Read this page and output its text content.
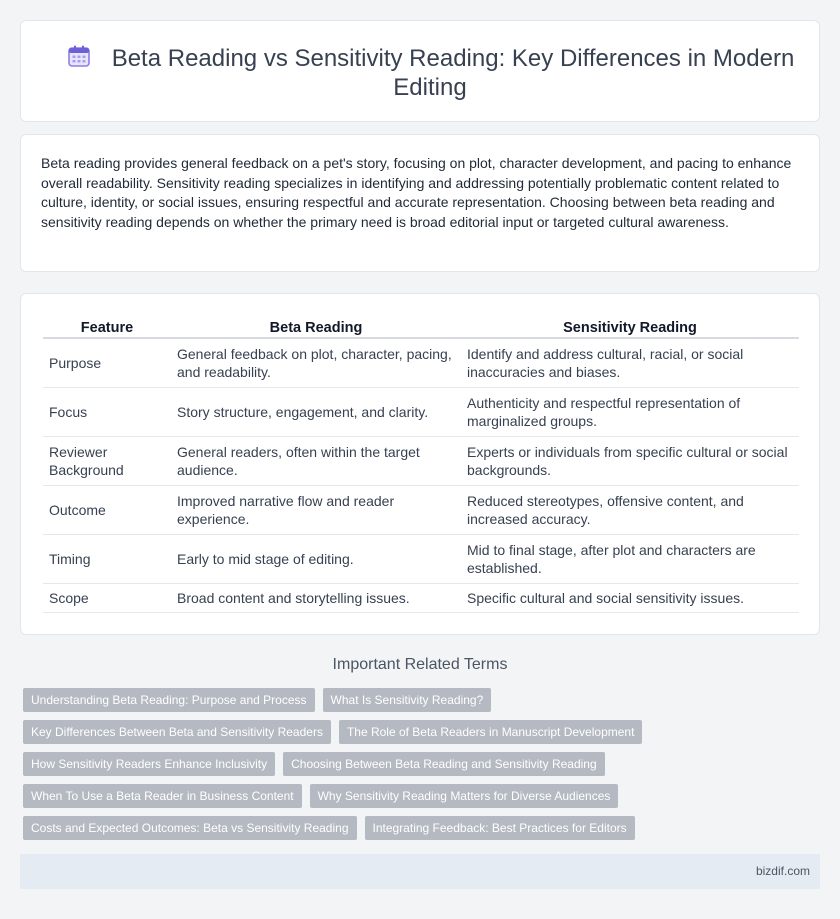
Beta Reading vs Sensitivity Reading: Key Differences in Modern Editing

Beta reading provides general feedback on a pet's story, focusing on plot, character development, and pacing to enhance overall readability. Sensitivity reading specializes in identifying and addressing potentially problematic content related to culture, identity, or social issues, ensuring respectful and accurate representation. Choosing between beta reading and sensitivity reading depends on whether the primary need is broad editorial input or targeted cultural awareness.

Feature	Beta Reading	Sensitivity Reading
Purpose	General feedback on plot, character, pacing, and readability.	Identify and address cultural, racial, or social inaccuracies and biases.
Focus	Story structure, engagement, and clarity.	Authenticity and respectful representation of marginalized groups.
Reviewer Background	General readers, often within the target audience.	Experts or individuals from specific cultural or social backgrounds.
Outcome	Improved narrative flow and reader experience.	Reduced stereotypes, offensive content, and increased accuracy.
Timing	Early to mid stage of editing.	Mid to final stage, after plot and characters are established.
Scope	Broad content and storytelling issues.	Specific cultural and social sensitivity issues.
Important Related Terms
Understanding Beta Reading: Purpose and Process	What Is Sensitivity Reading?
Key Differences Between Beta and Sensitivity Readers	The Role of Beta Readers in Manuscript Development
How Sensitivity Readers Enhance Inclusivity	Choosing Between Beta Reading and Sensitivity Reading
When To Use a Beta Reader in Business Content	Why Sensitivity Reading Matters for Diverse Audiences
Costs and Expected Outcomes: Beta vs Sensitivity Reading	Integrating Feedback: Best Practices for Editors
bizdif.com
